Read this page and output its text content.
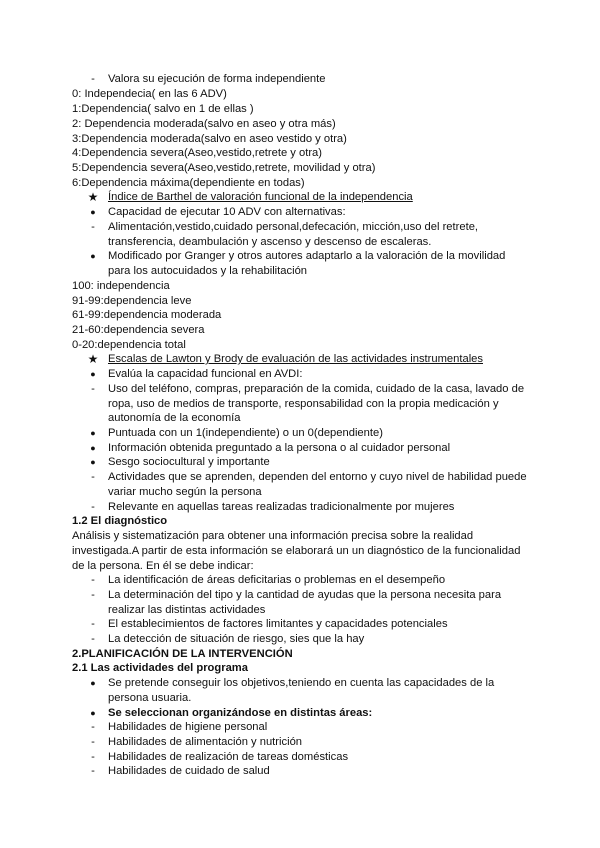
-	Valora su ejecución de forma independiente
0: Independecia( en las 6 ADV)
1:Dependencia( salvo en 1 de ellas )
2: Dependencia moderada(salvo en aseo y otra más)
3:Dependencia moderada(salvo en aseo vestido y otra)
4:Dependencia severa(Aseo,vestido,retrete y otra)
5:Dependencia severa(Aseo,vestido,retrete, movilidad y otra)
6:Dependencia máxima(dependiente en todas)
★ Índice de Barthel de valoración funcional de la independencia
●	Capacidad de ejecutar 10 ADV con alternativas:
-	Alimentación,vestido,cuidado personal,defecación, micción,uso del retrete,
transferencia, deambulación y ascenso y descenso de escaleras.
●	Modificado por Granger y otros autores adaptarlo a la valoración de la movilidad
para los autocuidados y la rehabilitación
100: independencia
91-99:dependencia leve
61-99:dependencia moderada
21-60:dependencia severa
0-20:dependencia total
★ Escalas de Lawton y Brody de evaluación de las actividades instrumentales
●	Evalúa la capacidad funcional en AVDI:
-	Uso del teléfono, compras, preparación de la comida, cuidado de la casa, lavado de
ropa, uso de medios de transporte, responsabilidad con la propia medicación y
autonomía de la economía
●	Puntuada con un 1(independiente) o un 0(dependiente)
●	Información obtenida preguntado a la persona o al cuidador personal
●	Sesgo sociocultural y importante
-	Actividades que se aprenden, dependen del entorno y cuyo nivel de habilidad puede
variar mucho según la persona
-	Relevante en aquellas tareas realizadas tradicionalmente por mujeres
1.2 El diagnóstico
Análisis y sistematización para obtener una información precisa sobre la realidad
investigada.A partir de esta información se elaborará un un diagnóstico de la funcionalidad
de la persona. En él se debe indicar:
-	La identificación de áreas deficitarias o problemas en el desempeño
-	La determinación del tipo y la cantidad de ayudas que la persona necesita para
realizar las distintas actividades
-	El establecimientos de factores limitantes y capacidades potenciales
-	La detección de situación de riesgo, sies que la hay
2.PLANIFICACIÓN DE LA INTERVENCIÓN
2.1 Las actividades del programa
●	Se pretende conseguir los objetivos,teniendo en cuenta las capacidades de la
persona usuaria.
●	Se seleccionan organizándose en distintas áreas:
-	Habilidades de higiene personal
-	Habilidades de alimentación y nutrición
-	Habilidades de realización de tareas domésticas
-	Habilidades de cuidado de salud
